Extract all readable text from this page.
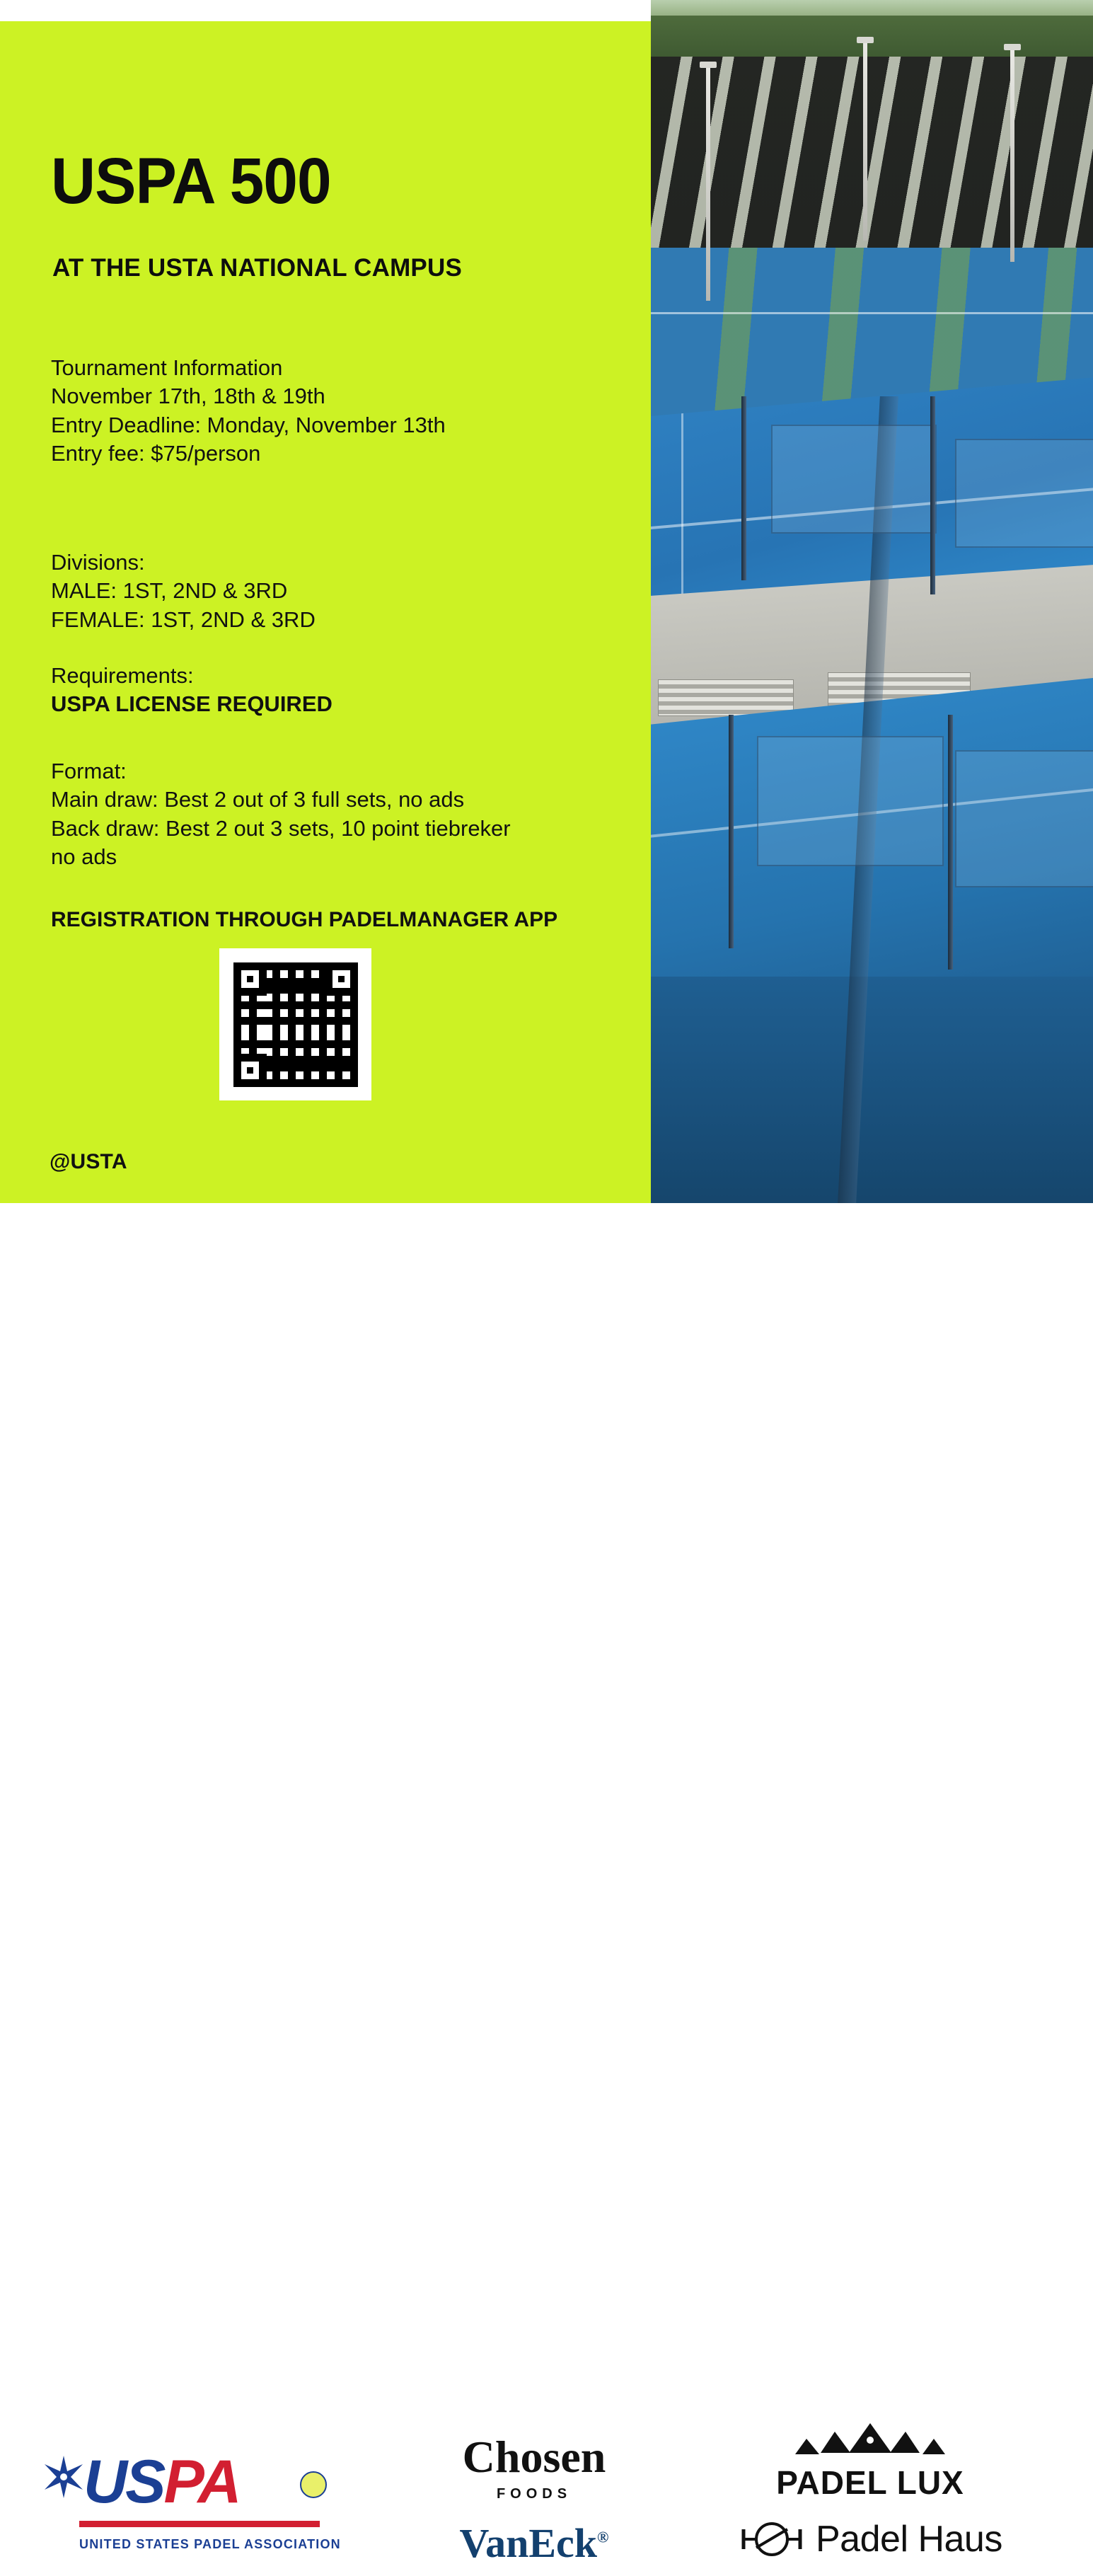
USPA 500
AT THE USTA NATIONAL CAMPUS
Tournament Information
November 17th, 18th & 19th
Entry Deadline: Monday, November 13th
Entry fee: $75/person
Divisions:
MALE: 1ST, 2ND & 3RD
FEMALE: 1ST, 2ND & 3RD
Requirements:
USPA LICENSE REQUIRED
Format:
Main draw: Best 2 out of 3 full sets, no ads
Back draw: Best 2 out 3 sets, 10 point tiebreker
no ads
REGISTRATION THROUGH PADELMANAGER APP
@USTA
USPA
UNITED STATES PADEL ASSOCIATION
Chosen
FOODS
VanEck®
PADEL LUX
Padel Haus
